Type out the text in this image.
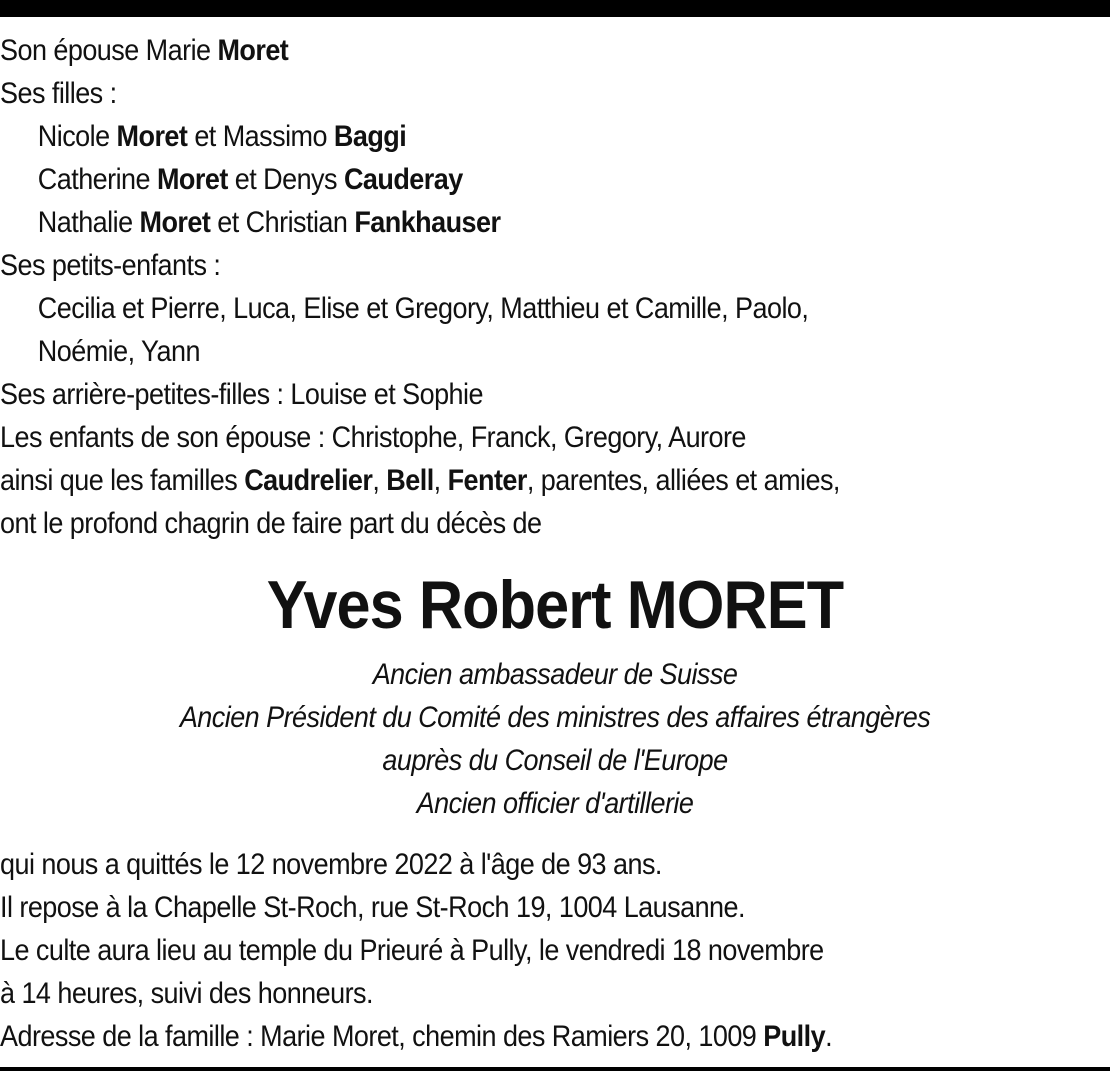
Son épouse Marie Moret
Ses filles :
Nicole Moret et Massimo Baggi
Catherine Moret et Denys Cauderay
Nathalie Moret et Christian Fankhauser
Ses petits-enfants :
Cecilia et Pierre, Luca, Elise et Gregory, Matthieu et Camille, Paolo,
Noémie, Yann
Ses arrière-petites-filles : Louise et Sophie
Les enfants de son épouse : Christophe, Franck, Gregory, Aurore
ainsi que les familles Caudrelier, Bell, Fenter, parentes, alliées et amies,
ont le profond chagrin de faire part du décès de
Yves Robert MORET
Ancien ambassadeur de Suisse
Ancien Président du Comité des ministres des affaires étrangères
auprès du Conseil de l'Europe
Ancien officier d'artillerie
qui nous a quittés le 12 novembre 2022 à l'âge de 93 ans.
Il repose à la Chapelle St-Roch, rue St-Roch 19, 1004 Lausanne.
Le culte aura lieu au temple du Prieuré à Pully, le vendredi 18 novembre
à 14 heures, suivi des honneurs.
Adresse de la famille : Marie Moret, chemin des Ramiers 20, 1009 Pully.
